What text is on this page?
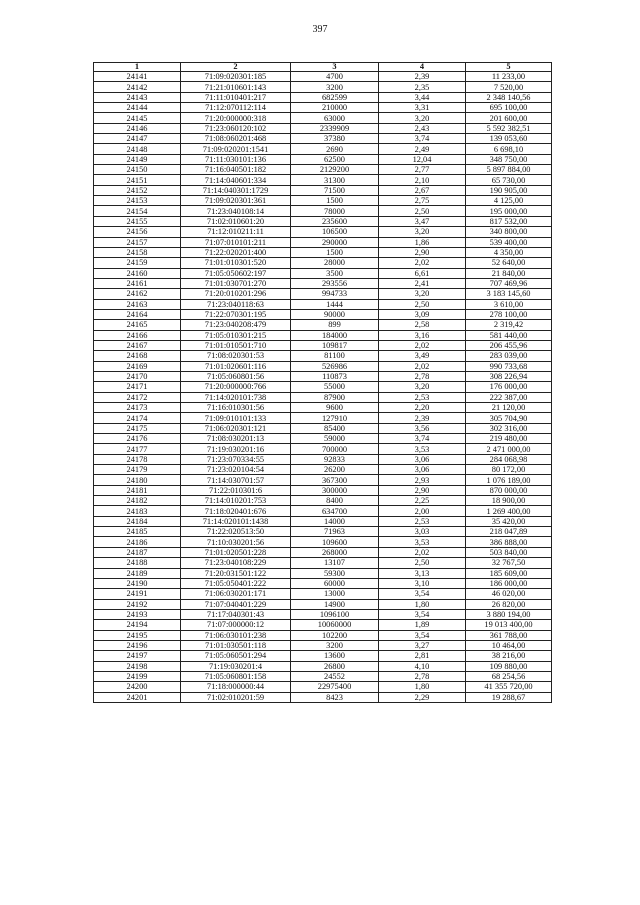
397
1	2	3	4	5
24141	71:09:020301:185	4700	2,39	11 233,00
24142	71:21:010601:143	3200	2,35	7 520,00
24143	71:11:010401:217	682599	3,44	2 348 140,56
24144	71:12:070112:114	210000	3,31	695 100,00
24145	71:20:000000:318	63000	3,20	201 600,00
24146	71:23:060120:102	2339909	2,43	5 592 382,51
24147	71:08:060201:468	37380	3,74	139 053,60
24148	71:09:020201:1541	2690	2,49	6 698,10
24149	71:11:030101:136	62500	12,04	348 750,00
24150	71:16:040501:182	2129200	2,77	5 897 884,00
24151	71:14:040601:334	31300	2,10	65 730,00
24152	71:14:040301:1729	71500	2,67	190 905,00
24153	71:09:020301:361	1500	2,75	4 125,00
24154	71:23:040108:14	78000	2,50	195 000,00
24155	71:02:010601:20	235600	3,47	817 532,00
24156	71:12:010211:11	106500	3,20	340 800,00
24157	71:07:010101:211	290000	1,86	539 400,00
24158	71:22:020201:400	1500	2,90	4 350,00
24159	71:01:010301:520	28000	2,02	52 640,00
24160	71:05:050602:197	3500	6,61	21 840,00
24161	71:01:030701:270	293556	2,41	707 469,96
24162	71:20:010201:296	994733	3,20	3 183 145,60
24163	71:23:040118:63	1444	2,50	3 610,00
24164	71:22:070301:195	90000	3,09	278 100,00
24165	71:23:040208:479	899	2,58	2 319,42
24166	71:05:010301:215	184000	3,16	581 440,00
24167	71:01:010501:710	109817	2,02	206 455,96
24168	71:08:020301:53	81100	3,49	283 039,00
24169	71:01:020601:116	526986	2,02	990 733,68
24170	71:05:060801:56	110873	2,78	308 226,94
24171	71:20:000000:766	55000	3,20	176 000,00
24172	71:14:020101:738	87900	2,53	222 387,00
24173	71:16:010301:56	9600	2,20	21 120,00
24174	71:09:010101:133	127910	2,39	305 704,90
24175	71:06:020301:121	85400	3,56	302 316,00
24176	71:08:030201:13	59000	3,74	219 480,00
24177	71:19:030201:16	700000	3,53	2 471 000,00
24178	71:23:070334:55	92833	3,06	284 068,98
24179	71:23:020104:54	26200	3,06	80 172,00
24180	71:14:030701:57	367300	2,93	1 076 189,00
24181	71:22:010301:6	300000	2,90	870 000,00
24182	71:14:010201:753	8400	2,25	18 900,00
24183	71:18:020401:676	634700	2,00	1 269 400,00
24184	71:14:020101:1438	14000	2,53	35 420,00
24185	71:22:020513:50	71963	3,03	218 047,89
24186	71:10:030201:56	109600	3,53	386 888,00
24187	71:01:020501:228	268000	2,02	503 840,00
24188	71:23:040108:229	13107	2,50	32 767,50
24189	71:20:031501:122	59300	3,13	185 609,00
24190	71:05:050401:222	60000	3,10	186 000,00
24191	71:06:030201:171	13000	3,54	46 020,00
24192	71:07:040401:229	14900	1,80	26 820,00
24193	71:17:040301:43	1096100	3,54	3 880 194,00
24194	71:07:000000:12	10060000	1,89	19 013 400,00
24195	71:06:030101:238	102200	3,54	361 788,00
24196	71:01:030501:118	3200	3,27	10 464,00
24197	71:05:060501:294	13600	2,81	38 216,00
24198	71:19:030201:4	26800	4,10	109 880,00
24199	71:05:060801:158	24552	2,78	68 254,56
24200	71:18:000000:44	22975400	1,80	41 355 720,00
24201	71:02:010201:59	8423	2,29	19 288,67
